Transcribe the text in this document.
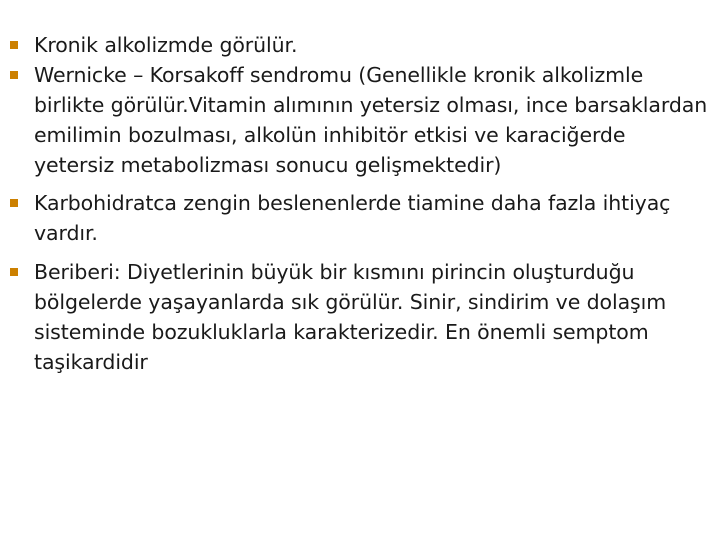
Kronik alkolizmde görülür.
Wernicke – Korsakoff sendromu (Genellikle kronik alkolizmle birlikte görülür.Vitamin alımının yetersiz olması, ince barsaklardan emilimin bozulması, alkolün inhibitör etkisi ve karaciğerde yetersiz metabolizması sonucu gelişmektedir)
Karbohidratca zengin beslenenlerde tiamine daha fazla ihtiyaç vardır.
Beriberi: Diyetlerinin büyük bir kısmını pirincin oluşturduğu bölgelerde yaşayanlarda sık görülür. Sinir, sindirim ve dolaşım sisteminde bozukluklarla karakterizedir. En önemli semptom taşikardidir
